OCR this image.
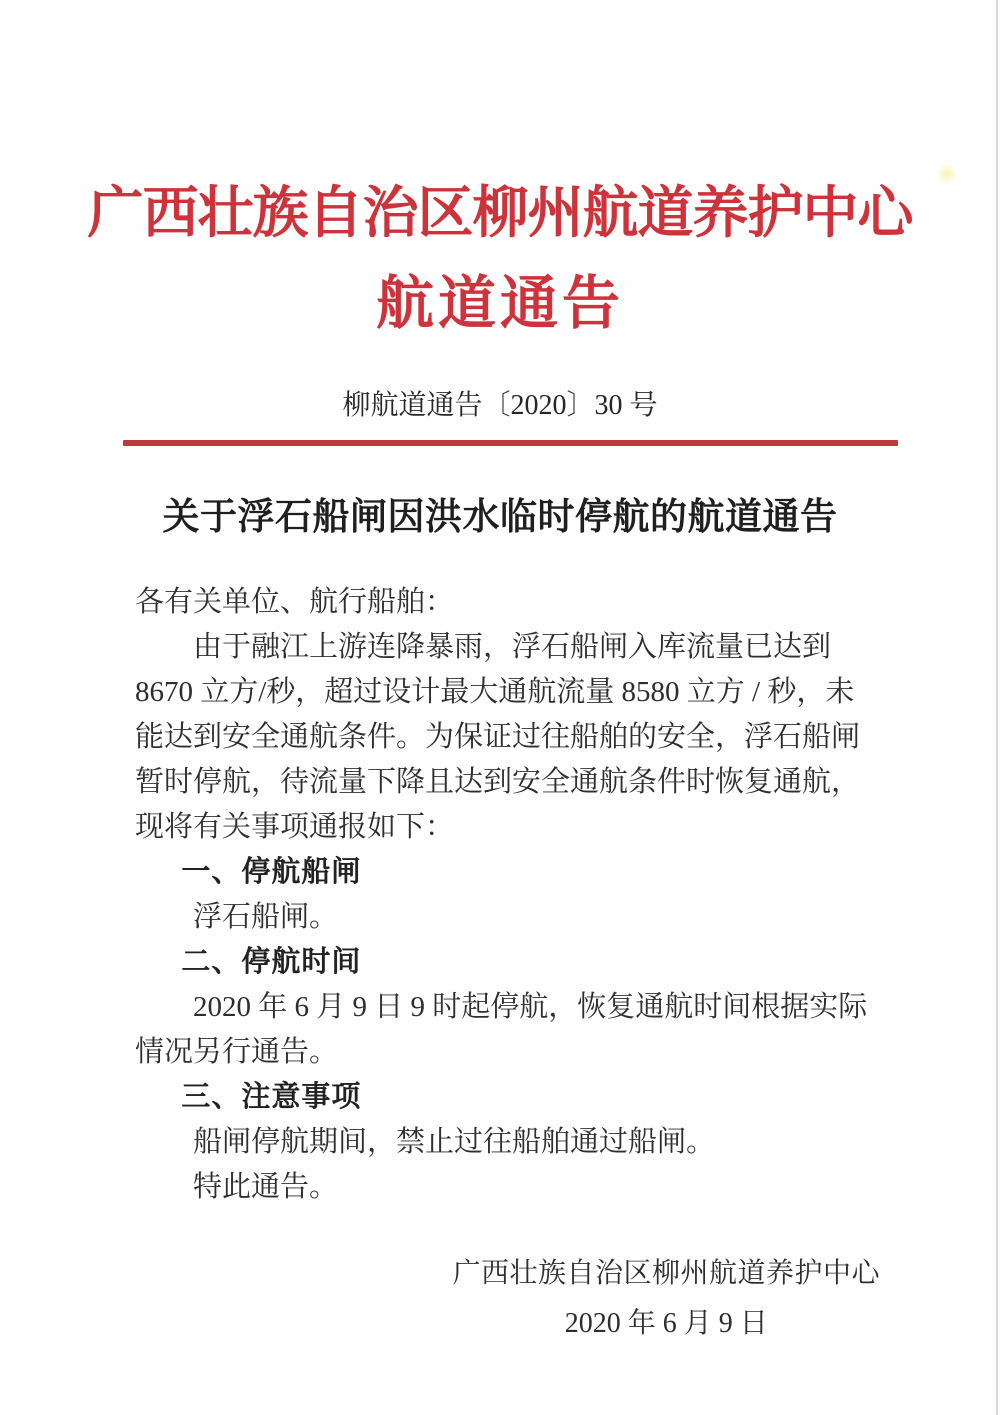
广西壮族自治区柳州航道养护中心
航道通告
柳航道通告〔2020〕30 号
关于浮石船闸因洪水临时停航的航道通告

各有关单位、航行船舶：

由于融江上游连降暴雨，浮石船闸入库流量已达到 8670 立方/秒，超过设计最大通航流量 8580 立方 / 秒，未能达到安全通航条件。为保证过往船舶的安全，浮石船闸暂时停航，待流量下降且达到安全通航条件时恢复通航，现将有关事项通报如下：

一、停航船闸

浮石船闸。

二、停航时间

2020 年 6 月 9 日 9 时起停航，恢复通航时间根据实际情况另行通告。

三、注意事项

船闸停航期间，禁止过往船舶通过船闸。

特此通告。

广西壮族自治区柳州航道养护中心
2020 年 6 月 9 日
